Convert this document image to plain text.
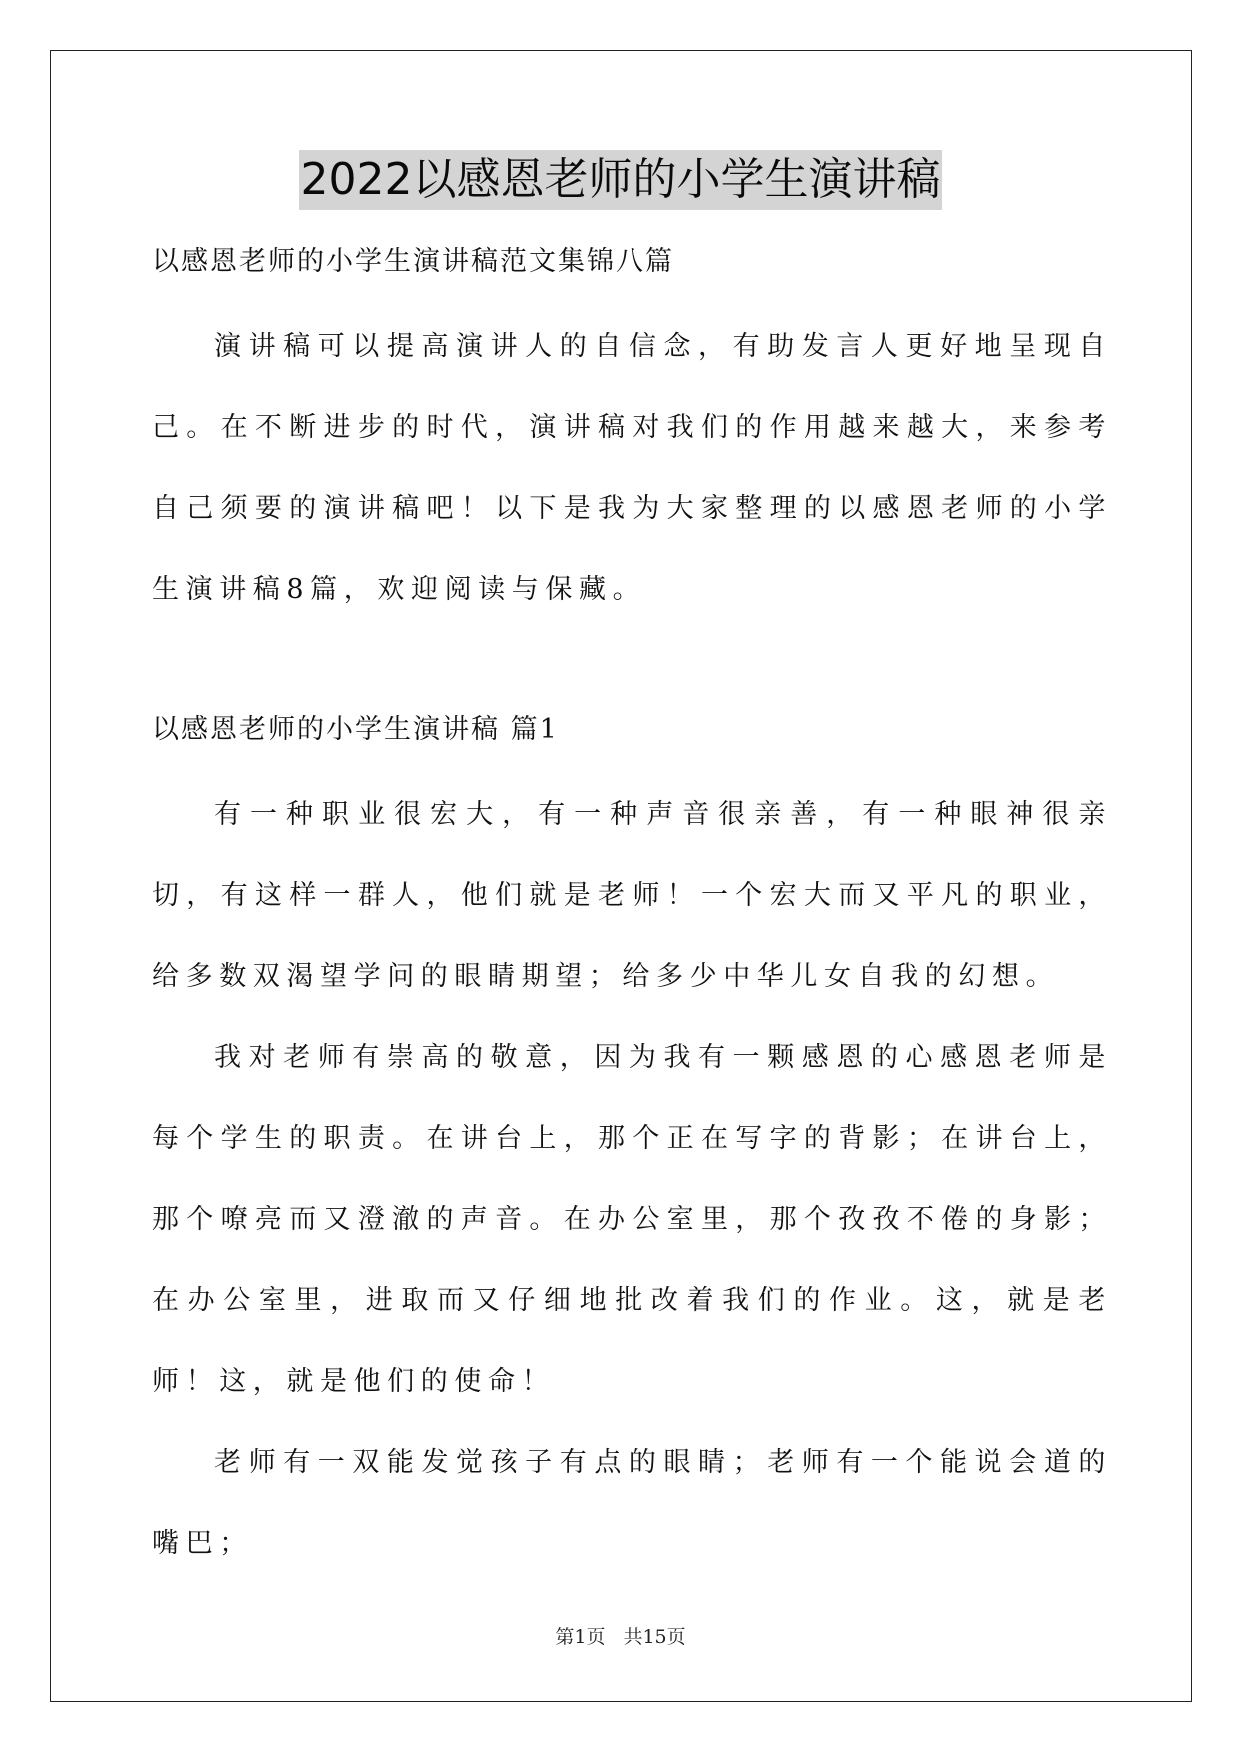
2022以感恩老师的小学生演讲稿

以感恩老师的小学生演讲稿范文集锦八篇

演讲稿可以提高演讲人的自信念，有助发言人更好地呈现自己。在不断进步的时代，演讲稿对我们的作用越来越大，来参考自己须要的演讲稿吧！以下是我为大家整理的以感恩老师的小学生演讲稿8篇，欢迎阅读与保藏。

以感恩老师的小学生演讲稿 篇1

有一种职业很宏大，有一种声音很亲善，有一种眼神很亲切，有这样一群人，他们就是老师！一个宏大而又平凡的职业，给多数双渴望学问的眼睛期望；给多少中华儿女自我的幻想。

我对老师有崇高的敬意，因为我有一颗感恩的心感恩老师是每个学生的职责。在讲台上，那个正在写字的背影；在讲台上，那个嘹亮而又澄澈的声音。在办公室里，那个孜孜不倦的身影；在办公室里，进取而又仔细地批改着我们的作业。这，就是老师！这，就是他们的使命！

老师有一双能发觉孩子有点的眼睛；老师有一个能说会道的嘴巴；

第1页 共15页
